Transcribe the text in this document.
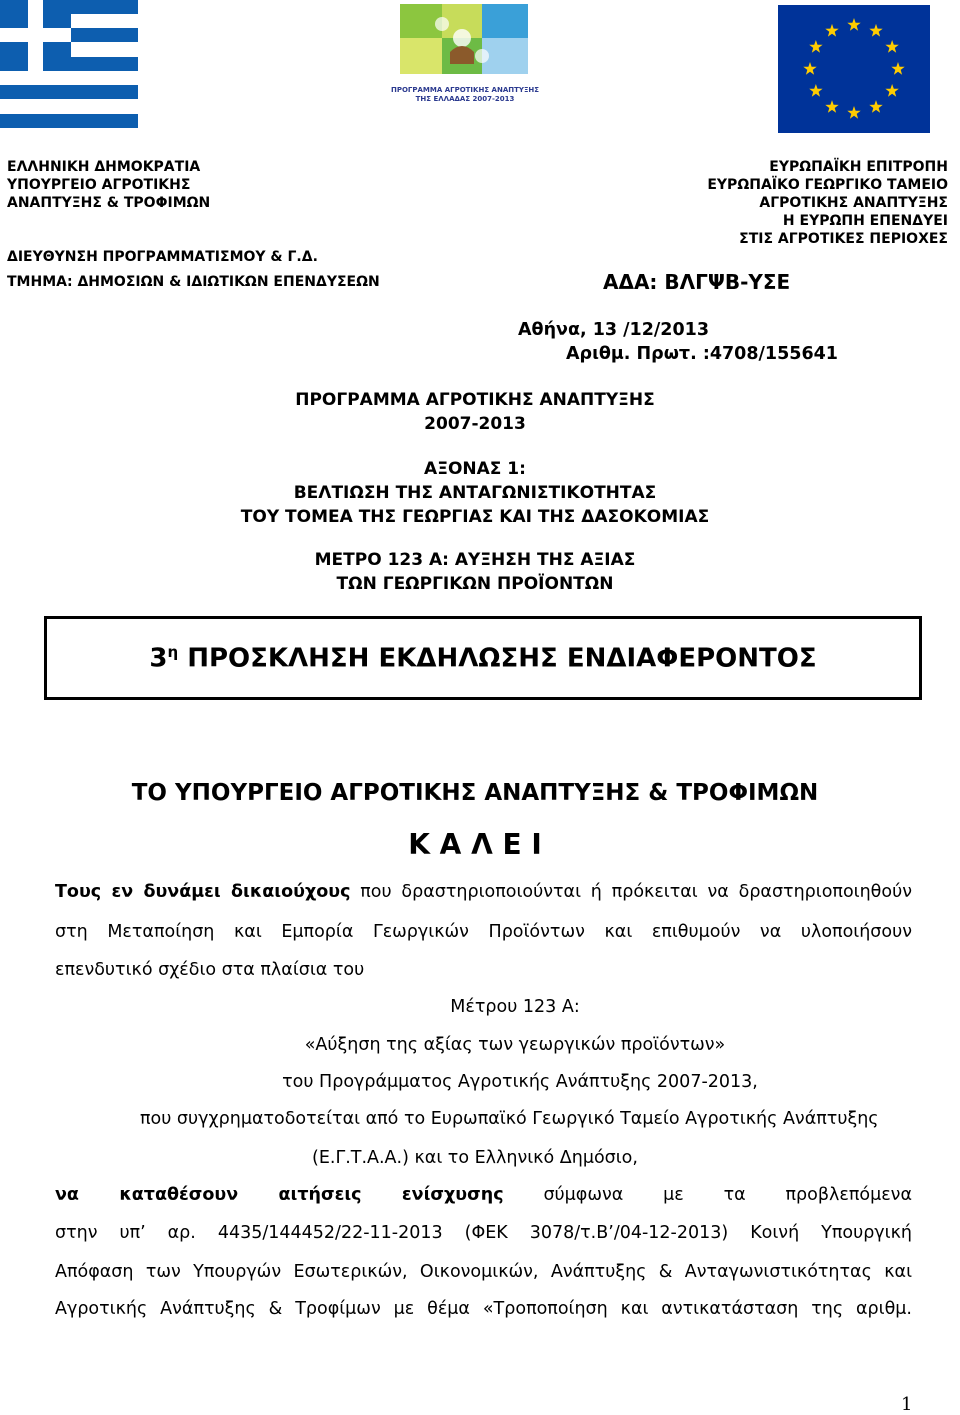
ΠΡΟΓΡΑΜΜΑ ΑΓΡΟΤΙΚΗΣ ΑΝΑΠΤΥΞΗΣ
ΤΗΣ ΕΛΛΑΔΑΣ 2007-2013
ΕΛΛΗΝΙΚΗ ΔΗΜΟΚΡΑΤΙΑ
ΥΠΟΥΡΓΕΙΟ ΑΓΡΟΤΙΚΗΣ
ΑΝΑΠΤΥΞΗΣ & ΤΡΟΦΙΜΩΝ
ΔΙΕΥΘΥΝΣΗ ΠΡΟΓΡΑΜΜΑΤΙΣΜΟΥ & Γ.Δ.
ΤΜΗΜΑ: ΔΗΜΟΣΙΩΝ & ΙΔΙΩΤΙΚΩΝ ΕΠΕΝΔΥΣΕΩΝ
ΕΥΡΩΠΑΪΚΗ ΕΠΙΤΡΟΠΗ
ΕΥΡΩΠΑΪΚΟ ΓΕΩΡΓΙΚΟ ΤΑΜΕΙΟ
ΑΓΡΟΤΙΚΗΣ ΑΝΑΠΤΥΞΗΣ
Η ΕΥΡΩΠΗ ΕΠΕΝΔΥΕΙ
ΣΤΙΣ ΑΓΡΟΤΙΚΕΣ ΠΕΡΙΟΧΕΣ
ΑΔΑ: ΒΛΓΨΒ-ΥΣΕ
Αθήνα, 13 /12/2013
Αριθμ. Πρωτ. :4708/155641
ΠΡΟΓΡΑΜΜΑ ΑΓΡΟΤΙΚΗΣ ΑΝΑΠΤΥΞΗΣ
2007-2013
ΑΞΟΝΑΣ 1:
ΒΕΛΤΙΩΣΗ ΤΗΣ ΑΝΤΑΓΩΝΙΣΤΙΚΟΤΗΤΑΣ
ΤΟΥ ΤΟΜΕΑ ΤΗΣ ΓΕΩΡΓΙΑΣ ΚΑΙ ΤΗΣ ΔΑΣΟΚΟΜΙΑΣ
ΜΕΤΡΟ 123 Α: ΑΥΞΗΣΗ ΤΗΣ ΑΞΙΑΣ
ΤΩΝ ΓΕΩΡΓΙΚΩΝ ΠΡΟΪΟΝΤΩΝ
$3^\eta$ ΠΡΟΣΚΛΗΣΗ ΕΚΔΗΛΩΣΗΣ ΕΝΔΙΑΦΕΡΟΝΤΟΣ
ΤΟ ΥΠΟΥΡΓΕΙΟ ΑΓΡΟΤΙΚΗΣ ΑΝΑΠΤΥΞΗΣ & ΤΡΟΦΙΜΩΝ
Κ Α Λ Ε Ι
Τους εν δυνάμει δικαιούχους που δραστηριοποιούνται ή πρόκειται να δραστηριοποιηθούν
στη Μεταποίηση και Εμπορία Γεωργικών Προϊόντων και επιθυμούν να υλοποιήσουν
επενδυτικό σχέδιο στα πλαίσια του
Μέτρου 123 Α:
«Αύξηση της αξίας των γεωργικών προϊόντων»
του Προγράμματος Αγροτικής Ανάπτυξης 2007-2013,
που συγχρηματοδοτείται από το Ευρωπαϊκό Γεωργικό Ταμείο Αγροτικής Ανάπτυξης
(Ε.Γ.Τ.Α.Α.) και το Ελληνικό Δημόσιο,
να καταθέσουν αιτήσεις ενίσχυσης σύμφωνα με τα προβλεπόμενα
στην υπ’ αρ. 4435/144452/22-11-2013 (ΦΕΚ 3078/τ.Β’/04-12-2013) Κοινή Υπουργική
Απόφαση των Υπουργών Εσωτερικών, Οικονομικών, Ανάπτυξης & Ανταγωνιστικότητας και
Αγροτικής Ανάπτυξης & Τροφίμων με θέμα «Τροποποίηση και αντικατάσταση της αριθμ.
1
